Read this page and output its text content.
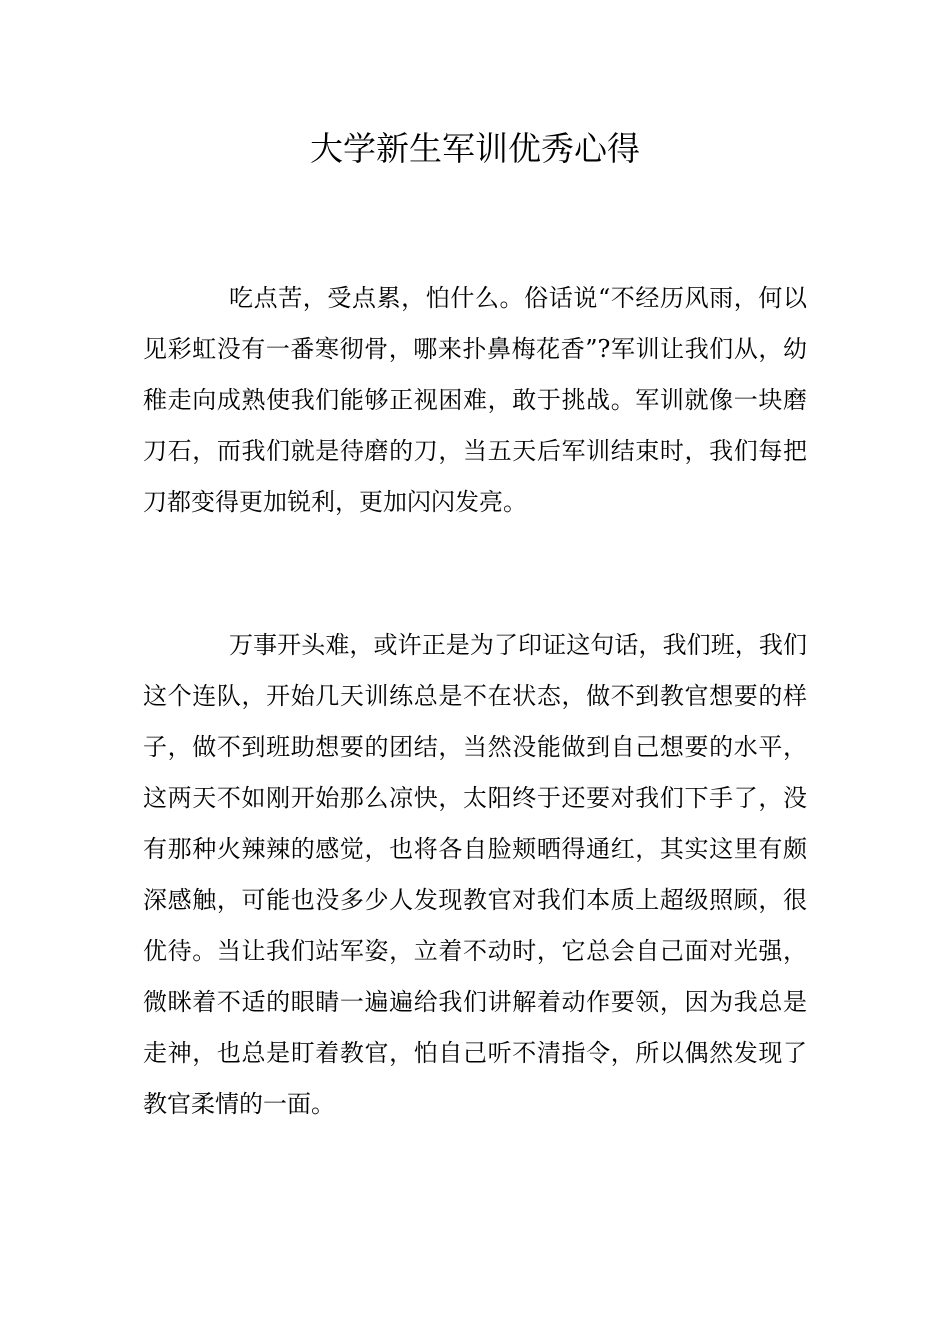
大学新生军训优秀心得

吃点苦，受点累，怕什么。俗话说“不经历风雨，何以见彩虹没有一番寒彻骨，哪来扑鼻梅花香”?军训让我们从，幼稚走向成熟使我们能够正视困难，敢于挑战。军训就像一块磨刀石，而我们就是待磨的刀，当五天后军训结束时，我们每把刀都变得更加锐利，更加闪闪发亮。

万事开头难，或许正是为了印证这句话，我们班，我们这个连队，开始几天训练总是不在状态，做不到教官想要的样子，做不到班助想要的团结，当然没能做到自己想要的水平，这两天不如刚开始那么凉快，太阳终于还要对我们下手了，没有那种火辣辣的感觉，也将各自脸颊晒得通红，其实这里有颇深感触，可能也没多少人发现教官对我们本质上超级照顾，很优待。当让我们站军姿，立着不动时，它总会自己面对光强，微眯着不适的眼睛一遍遍给我们讲解着动作要领，因为我总是走神，也总是盯着教官，怕自己听不清指令，所以偶然发现了教官柔情的一面。
